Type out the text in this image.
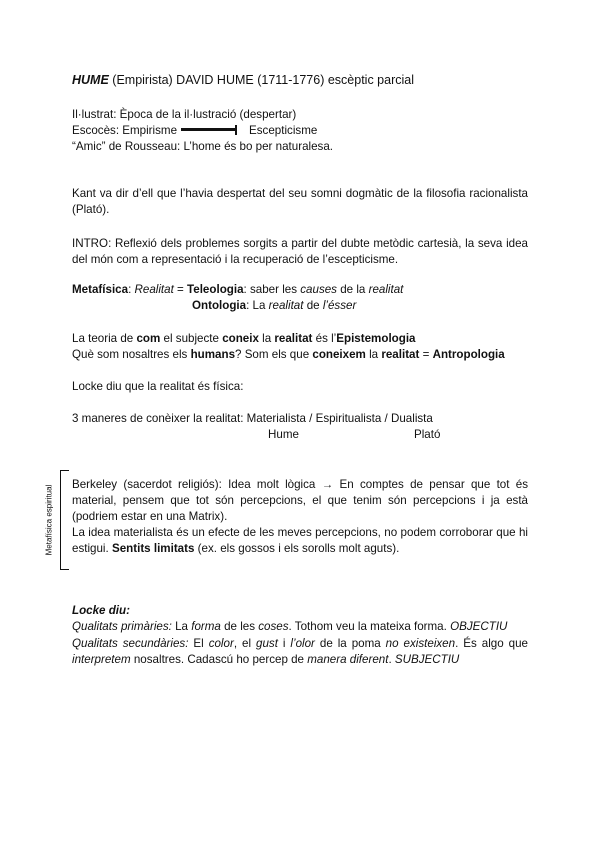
HUME (Empirista) DAVID HUME (1711-1776) escèptic parcial
Il·lustrat: Època de la il·lustració (despertar)
Escocès: Empirisme	Escepticisme
“Amic” de Rousseau: L’home és bo per naturalesa.
Kant va dir d’ell que l’havia despertat del seu somni dogmàtic de la filosofia racionalista (Plató).
INTRO: Reflexió dels problemes sorgits a partir del dubte metòdic cartesià, la seva idea del món com a representació i la recuperació de l’escepticisme.
Metafísica: Realitat = Teleologia: saber les causes de la realitat
Ontologia: La realitat de l’ésser
La teoria de com el subjecte coneix la realitat és l’Epistemologia
Què som nosaltres els humans? Som els que coneixem la realitat = Antropologia
Locke diu que la realitat és física:
3 maneres de conèixer la realitat: Materialista / Espiritualista / Dualista
Hume	Plató
Metafísica espiritual
Berkeley (sacerdot religiós): Idea molt lògica → En comptes de pensar que tot és material, pensem que tot són percepcions, el que tenim són percepcions i ja està (podriem estar en una Matrix).
La idea materialista és un efecte de les meves percepcions, no podem corroborar que hi estigui. Sentits limitats (ex. els gossos i els sorolls molt aguts).
Locke diu:
Qualitats primàries: La forma de les coses. Tothom veu la mateixa forma. OBJECTIU
Qualitats secundàries: El color, el gust i l’olor de la poma no existeixen. És algo que interpretem nosaltres. Cadascú ho percep de manera diferent. SUBJECTIU
